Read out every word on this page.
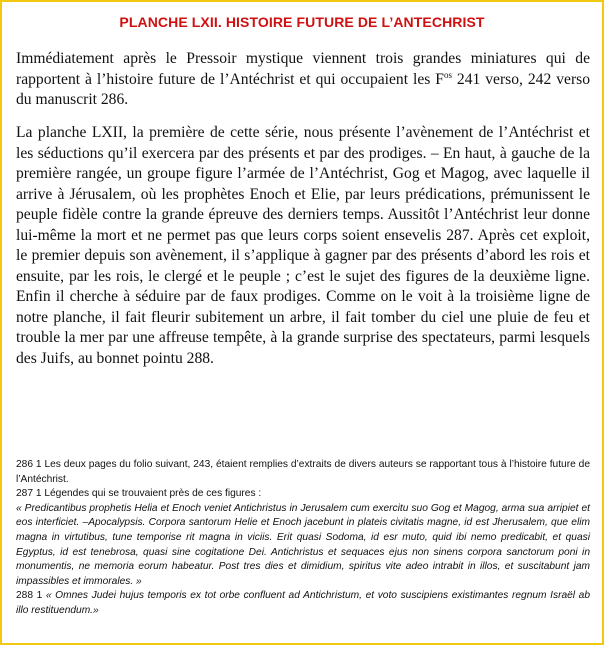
PLANCHE LXII. HISTOIRE FUTURE DE L’ANTECHRIST

Immédiatement après le Pressoir mystique viennent trois grandes miniatures qui de rapportent à l’histoire future de l’Antéchrist et qui occupaient les $F^{os}$ 241 verso, 242 verso du manuscrit 286.

La planche LXII, la première de cette série, nous présente l’avènement de l’Antéchrist et les séductions qu’il exercera par des présents et par des prodiges. – En haut, à gauche de la première rangée, un groupe figure l’armée de l’Antéchrist, Gog et Magog, avec laquelle il arrive à Jérusalem, où les prophètes Enoch et Elie, par leurs prédications, prémunissent le peuple fidèle contre la grande épreuve des derniers temps. Aussitôt l’Antéchrist leur donne lui-même la mort et ne permet pas que leurs corps soient ensevelis 287. Après cet exploit, le premier depuis son avènement, il s’applique à gagner par des présents d’abord les rois et ensuite, par les rois, le clergé et le peuple ; c’est le sujet des figures de la deuxième ligne. Enfin il cherche à séduire par de faux prodiges. Comme on le voit à la troisième ligne de notre planche, il fait fleurir subitement un arbre, il fait tomber du ciel une pluie de feu et trouble la mer par une affreuse tempête, à la grande surprise des spectateurs, parmi lesquels des Juifs, au bonnet pointu 288.

286 1 Les deux pages du folio suivant, 243, étaient remplies d’extraits de divers auteurs se rapportant tous à l’histoire future de l’Antéchrist.

287 1 Légendes qui se trouvaient près de ces figures :

« Predicantibus prophetis Helia et Enoch veniet Antichristus in Jerusalem cum exercitu suo Gog et Magog, arma sua arripiet et eos interficiet. –Apocalypsis. Corpora santorum Helie et Enoch jacebunt in plateis civitatis magne, id est Jherusalem, que elim magna in virtutibus, tune temporise rit magna in viciis. Erit quasi Sodoma, id esr muto, quid ibi nemo predicabit, et quasi Egyptus, id est tenebrosa, quasi sine cogitatione Dei. Antichristus et sequaces ejus non sinens corpora sanctorum poni in monumentis, ne memoria eorum habeatur. Post tres dies et dimidium, spiritus vite adeo intrabit in illos, et suscitabunt jam impassibles et immorales. »

288 1 « Omnes Judei hujus temporis ex tot orbe confluent ad Antichristum, et voto suscipiens existimantes regnum Israël ab illo restituendum.»
